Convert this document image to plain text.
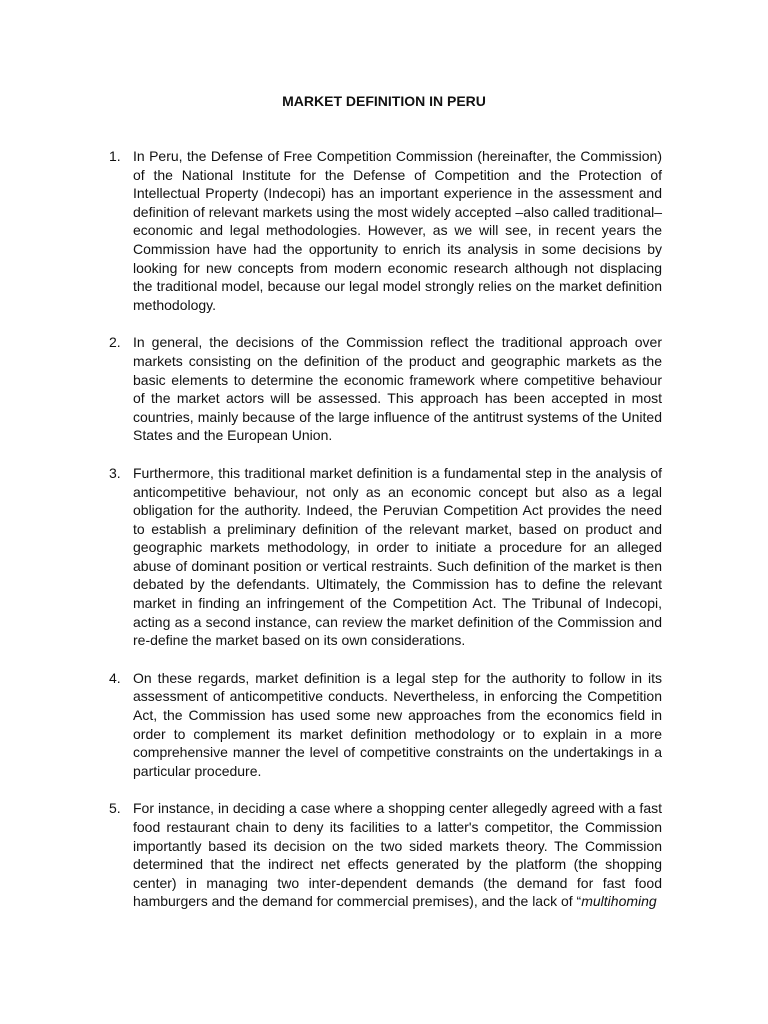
MARKET DEFINITION IN PERU
1. In Peru, the Defense of Free Competition Commission (hereinafter, the Commission) of the National Institute for the Defense of Competition and the Protection of Intellectual Property (Indecopi) has an important experience in the assessment and definition of relevant markets using the most widely accepted –also called traditional– economic and legal methodologies. However, as we will see, in recent years the Commission have had the opportunity to enrich its analysis in some decisions by looking for new concepts from modern economic research although not displacing the traditional model, because our legal model strongly relies on the market definition methodology.
2. In general, the decisions of the Commission reflect the traditional approach over markets consisting on the definition of the product and geographic markets as the basic elements to determine the economic framework where competitive behaviour of the market actors will be assessed. This approach has been accepted in most countries, mainly because of the large influence of the antitrust systems of the United States and the European Union.
3. Furthermore, this traditional market definition is a fundamental step in the analysis of anticompetitive behaviour, not only as an economic concept but also as a legal obligation for the authority. Indeed, the Peruvian Competition Act provides the need to establish a preliminary definition of the relevant market, based on product and geographic markets methodology, in order to initiate a procedure for an alleged abuse of dominant position or vertical restraints. Such definition of the market is then debated by the defendants. Ultimately, the Commission has to define the relevant market in finding an infringement of the Competition Act. The Tribunal of Indecopi, acting as a second instance, can review the market definition of the Commission and re-define the market based on its own considerations.
4. On these regards, market definition is a legal step for the authority to follow in its assessment of anticompetitive conducts. Nevertheless, in enforcing the Competition Act, the Commission has used some new approaches from the economics field in order to complement its market definition methodology or to explain in a more comprehensive manner the level of competitive constraints on the undertakings in a particular procedure.
5. For instance, in deciding a case where a shopping center allegedly agreed with a fast food restaurant chain to deny its facilities to a latter's competitor, the Commission importantly based its decision on the two sided markets theory. The Commission determined that the indirect net effects generated by the platform (the shopping center) in managing two inter-dependent demands (the demand for fast food hamburgers and the demand for commercial premises), and the lack of “multihoming
